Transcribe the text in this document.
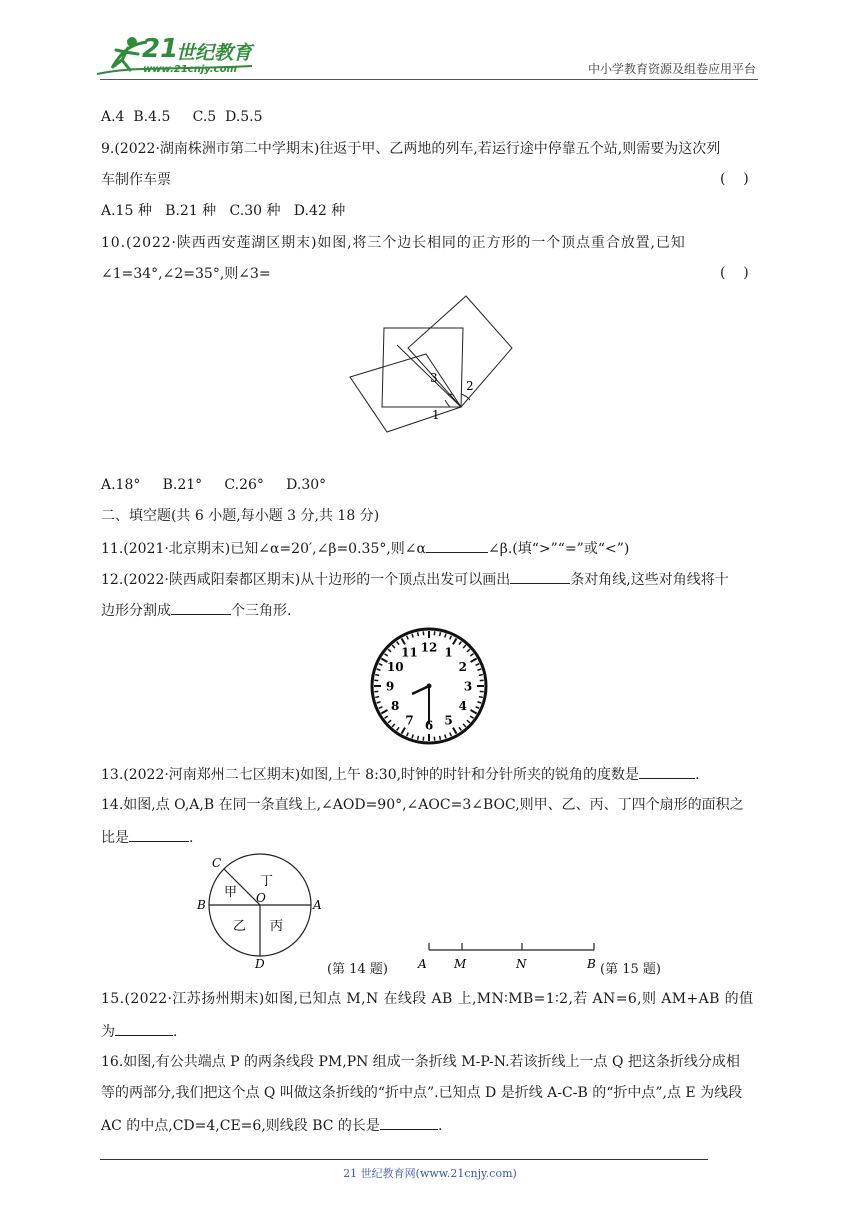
21
世纪教育
www.21cnjy.com	中小学教育资源及组卷应用平台
A.4  B.4.5     C.5  D.5.5
9.(2022·湖南株洲市第二中学期末)往返于甲、乙两地的列车,若运行途中停靠五个站,则需要为这次列
车制作车票	(    )
A.15 种   B.21 种   C.30 种   D.42 种
10.(2022·陕西西安莲湖区期末)如图,将三个边长相同的正方形的一个顶点重合放置,已知
∠1=34°,∠2=35°,则∠3=	(    )
1
2
3
A.18°     B.21°     C.26°     D.30°
二、填空题(共 6 小题,每小题 3 分,共 18 分)
11.(2021·北京期末)已知∠α=20′,∠β=0.35°,则∠α	∠β.(填“>”“=”或“<”)
12.(2022·陕西咸阳秦都区期末)从十边形的一个顶点出发可以画出	条对角线,这些对角线将十
边形分割成	个三角形.
12 1
2
3
4
5
6
7
8
9
10
11
13.(2022·河南郑州二七区期末)如图,上午 8:30,时钟的时针和分针所夹的锐角的度数是	.
14.如图,点 O,A,B 在同一条直线上,∠AOD=90°,∠AOC=3∠BOC,则甲、乙、丙、丁四个扇形的面积之
比是	.
C
O	A
B
D
甲
乙 丙
丁
(第 14 题)	A M	N	B (第 15 题)
15.(2022·江苏扬州期末)如图,已知点 M,N 在线段 AB 上,MN∶MB=1∶2,若 AN=6,则 AM+AB 的值
为	.
16.如图,有公共端点 P 的两条线段 PM,PN 组成一条折线 M-P-N.若该折线上一点 Q 把这条折线分成相
等的两部分,我们把这个点 Q 叫做这条折线的“折中点”.已知点 D 是折线 A-C-B 的“折中点”,点 E 为线段
AC 的中点,CD=4,CE=6,则线段 BC 的长是	.
21 世纪教育网(www.21cnjy.com)
